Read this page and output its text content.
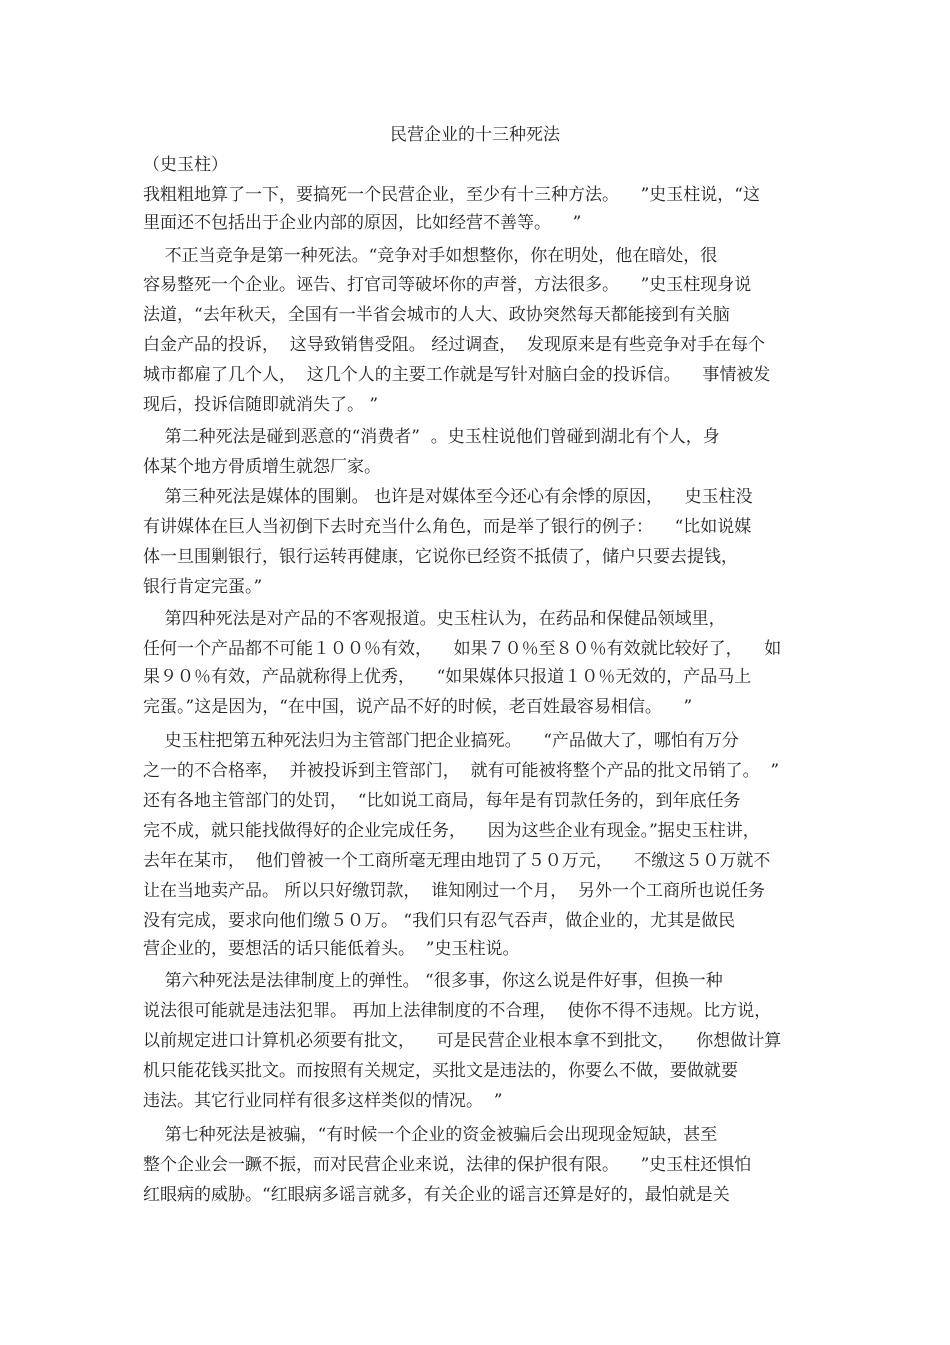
民营企业的十三种死法
（史玉柱）
我粗粗地算了一下，要搞死一个民营企业，至少有十三种方法。    ”史玉柱说，“这
里面还不包括出于企业内部的原因，比如经营不善等。    ”
不正当竞争是第一种死法。“竞争对手如想整你，你在明处，他在暗处，很
容易整死一个企业。诬告、打官司等破坏你的声誉，方法很多。    ”史玉柱现身说
法道，“去年秋天，全国有一半省会城市的人大、政协突然每天都能接到有关脑
白金产品的投诉，  这导致销售受阻。 经过调查，  发现原来是有些竞争对手在每个
城市都雇了几个人，  这几个人的主要工作就是写针对脑白金的投诉信。    事情被发
现后，投诉信随即就消失了。 ”
第二种死法是碰到恶意的“消费者”  。史玉柱说他们曾碰到湖北有个人，身
体某个地方骨质增生就怨厂家。
第三种死法是媒体的围剿。 也许是对媒体至今还心有余悸的原因，    史玉柱没
有讲媒体在巨人当初倒下去时充当什么角色，而是举了银行的例子：    “比如说媒
体一旦围剿银行，银行运转再健康，它说你已经资不抵债了，储户只要去提钱，
银行肯定完蛋。”
第四种死法是对产品的不客观报道。史玉柱认为，在药品和保健品领域里，
任何一个产品都不可能１００％有效，    如果７０％至８０％有效就比较好了，    如
果９０％有效，产品就称得上优秀，    “如果媒体只报道１０％无效的，产品马上
完蛋。”这是因为，“在中国，说产品不好的时候，老百姓最容易相信。    ”
史玉柱把第五种死法归为主管部门把企业搞死。    “产品做大了，哪怕有万分
之一的不合格率，  并被投诉到主管部门，  就有可能被将整个产品的批文吊销了。  ”
还有各地主管部门的处罚，  “比如说工商局，每年是有罚款任务的，到年底任务
完不成，就只能找做得好的企业完成任务，    因为这些企业有现金。”据史玉柱讲，
去年在某市，  他们曾被一个工商所毫无理由地罚了５０万元，    不缴这５０万就不
让在当地卖产品。 所以只好缴罚款，  谁知刚过一个月，  另外一个工商所也说任务
没有完成，要求向他们缴５０万。 “我们只有忍气吞声，做企业的，尤其是做民
营企业的，要想活的话只能低着头。  ”史玉柱说。
第六种死法是法律制度上的弹性。 “很多事，你这么说是件好事，但换一种
说法很可能就是违法犯罪。 再加上法律制度的不合理，  使你不得不违规。比方说，
以前规定进口计算机必须要有批文，    可是民营企业根本拿不到批文，    你想做计算
机只能花钱买批文。而按照有关规定，买批文是违法的，你要么不做，要做就要
违法。其它行业同样有很多这样类似的情况。  ”
第七种死法是被骗，“有时候一个企业的资金被骗后会出现现金短缺，甚至
整个企业会一蹶不振，而对民营企业来说，法律的保护很有限。    ”史玉柱还惧怕
红眼病的威胁。“红眼病多谣言就多，有关企业的谣言还算是好的，最怕就是关
